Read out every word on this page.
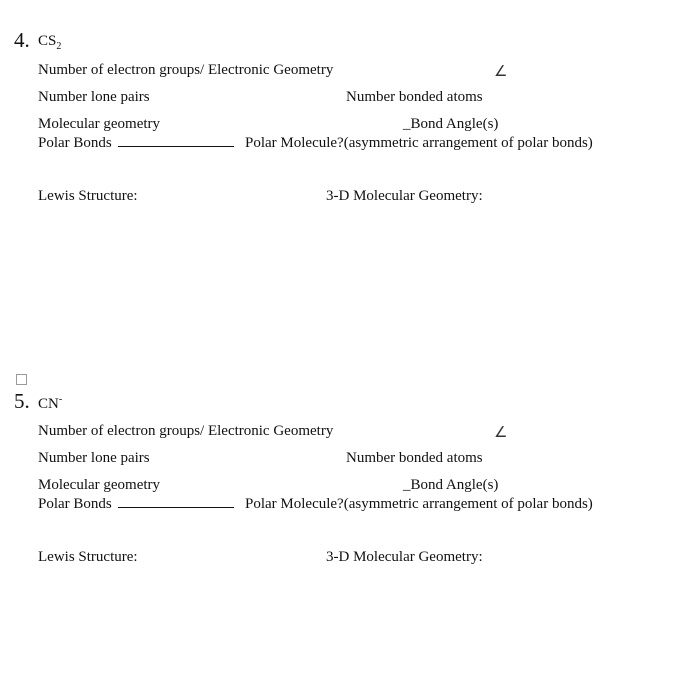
4. $CS_2$
Number of electron groups/ Electronic Geometry	∠
Number lone pairs	Number bonded atoms
Molecular geometry	_Bond Angle(s)
Polar Bonds	Polar Molecule?(asymmetric arrangement of polar bonds)
Lewis Structure:	3-D Molecular Geometry:
5. CN-
Number of electron groups/ Electronic Geometry	∠
Number lone pairs	Number bonded atoms
Molecular geometry	_Bond Angle(s)
Polar Bonds	Polar Molecule?(asymmetric arrangement of polar bonds)
Lewis Structure:	3-D Molecular Geometry:
